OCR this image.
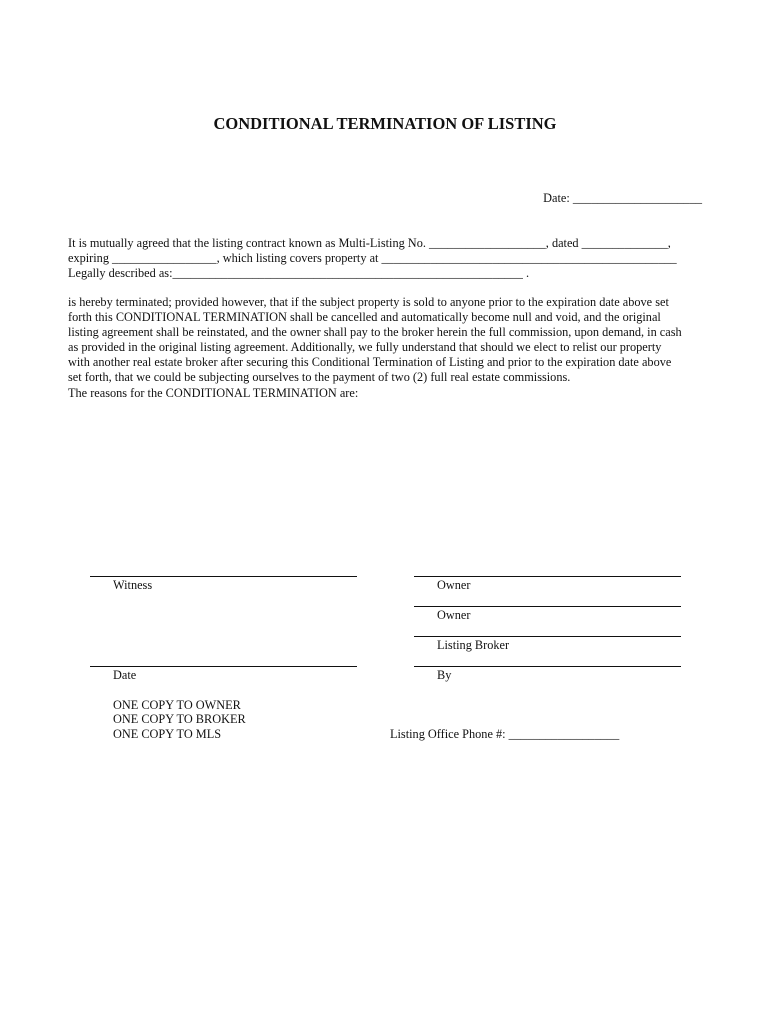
CONDITIONAL TERMINATION OF LISTING
Date: _____________________
It is mutually agreed that the listing contract known as Multi-Listing No. ___________________, dated ______________,
expiring _________________, which listing covers property at ________________________________________________
Legally described as:_________________________________________________________ .
is hereby terminated; provided however, that if the subject property is sold to anyone prior to the expiration date above set
forth this CONDITIONAL TERMINATION shall be cancelled and automatically become null and void, and the original
listing agreement shall be reinstated, and the owner shall pay to the broker herein the full commission, upon demand, in cash
as provided in the original listing agreement. Additionally, we fully understand that should we elect to relist our property
with another real estate broker after securing this Conditional Termination of Listing and prior to the expiration date above
set forth, that we could be subjecting ourselves to the payment of two (2) full real estate commissions.
The reasons for the CONDITIONAL TERMINATION are:
Witness
Date
Owner
Owner
Listing Broker
By
ONE COPY TO OWNER
ONE COPY TO BROKER
ONE COPY TO MLS	Listing Office Phone #: __________________
